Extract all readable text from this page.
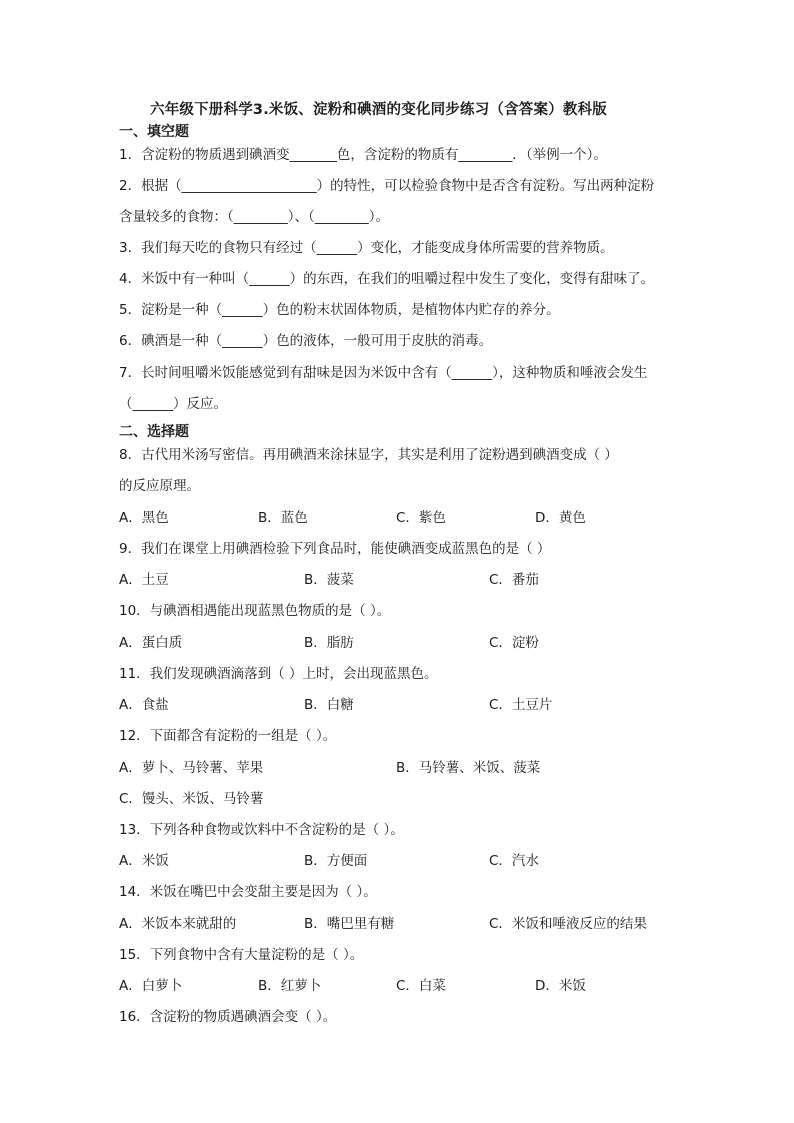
六年级下册科学3.米饭、淀粉和碘酒的变化同步练习（含答案）教科版
一、填空题
1．含淀粉的物质遇到碘酒变_______色，含淀粉的物质有________．（举例一个）。
2．根据（____________________）的特性，可以检验食物中是否含有淀粉。写出两种淀粉
含量较多的食物：（________）、（________）。
3．我们每天吃的食物只有经过（______）变化，才能变成身体所需要的营养物质。
4．米饭中有一种叫（______）的东西，在我们的咀嚼过程中发生了变化，变得有甜味了。
5．淀粉是一种（______）色的粉末状固体物质，是植物体内贮存的养分。
6．碘酒是一种（______）色的液体，一般可用于皮肤的消毒。
7．长时间咀嚼米饭能感觉到有甜味是因为米饭中含有（______），这种物质和唾液会发生
（______）反应。
二、选择题
8．古代用米汤写密信。再用碘酒来涂抹显字，其实是利用了淀粉遇到碘酒变成（ ）
的反应原理。
A．黑色	B．蓝色	C．紫色	D．黄色
9．我们在课堂上用碘酒检验下列食品时，能使碘酒变成蓝黑色的是（ ）
A．土豆	B．菠菜	C．番茄
10．与碘酒相遇能出现蓝黑色物质的是（ ）。
A．蛋白质	B．脂肪	C．淀粉
11．我们发现碘酒滴落到（ ）上时，会出现蓝黑色。
A．食盐	B．白糖	C．土豆片
12．下面都含有淀粉的一组是（ ）。
A．萝卜、马铃薯、苹果	B．马铃薯、米饭、菠菜
C．馒头、米饭、马铃薯
13．下列各种食物或饮料中不含淀粉的是（ ）。
A．米饭	B．方便面	C．汽水
14．米饭在嘴巴中会变甜主要是因为（ ）。
A．米饭本来就甜的	B．嘴巴里有糖	C．米饭和唾液反应的结果
15．下列食物中含有大量淀粉的是（ ）。
A．白萝卜	B．红萝卜	C．白菜	D．米饭
16．含淀粉的物质遇碘酒会变（ ）。
